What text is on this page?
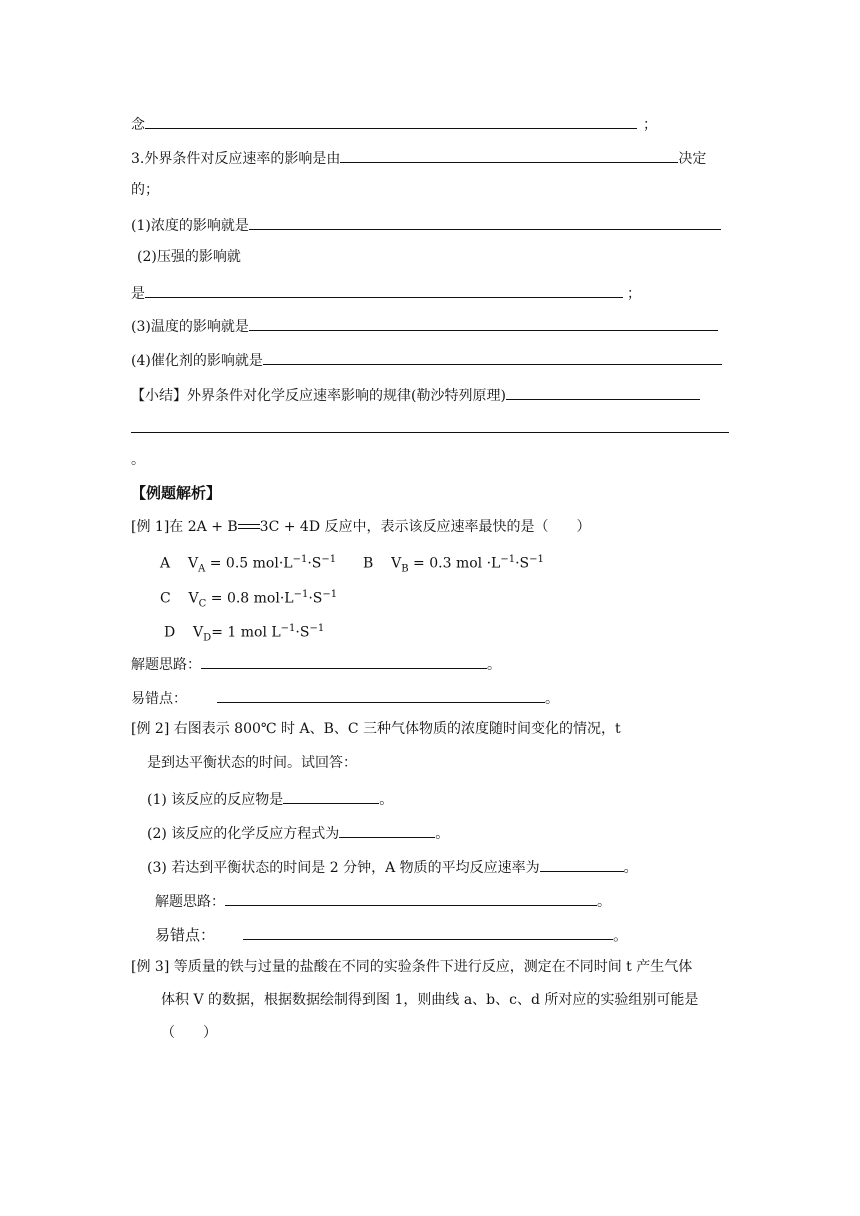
念	；
3.外界条件对反应速率的影响是由	决定
的；
(1)浓度的影响就是
(2)压强的影响就
是	；
(3)温度的影响就是
(4)催化剂的影响就是
【小结】外界条件对化学反应速率影响的规律(勒沙特列原理)
。
【例题解析】
[例 1]在 2A + B 3C + 4D 反应中，表示该反应速率最快的是（　　）
A $V_A = 0.5$ $mol\cdot L^{-1}\cdot S^{-1}$ B $V_B = 0.3$ mol $\cdot L^{-1}\cdot S^{-1}$
C $V_C = 0.8$ $mol\cdot L^{-1}\cdot S^{-1}$
D $V_D= 1$ mol $L^{-1}\cdot S^{-1}$
解题思路：	。
易错点：	。
[例 2] 右图表示 800℃ 时 A、B、C 三种气体物质的浓度随时间变化的情况，t
是到达平衡状态的时间。试回答：
(1) 该反应的反应物是	。
(2) 该反应的化学反应方程式为	。
(3) 若达到平衡状态的时间是 2 分钟，A 物质的平均反应速率为	。
解题思路：	。
易错点：	。
[例 3] 等质量的铁与过量的盐酸在不同的实验条件下进行反应，测定在不同时间 t 产生气体
体积 V 的数据，根据数据绘制得到图 1，则曲线 a、b、c、d 所对应的实验组别可能是
（　　）
